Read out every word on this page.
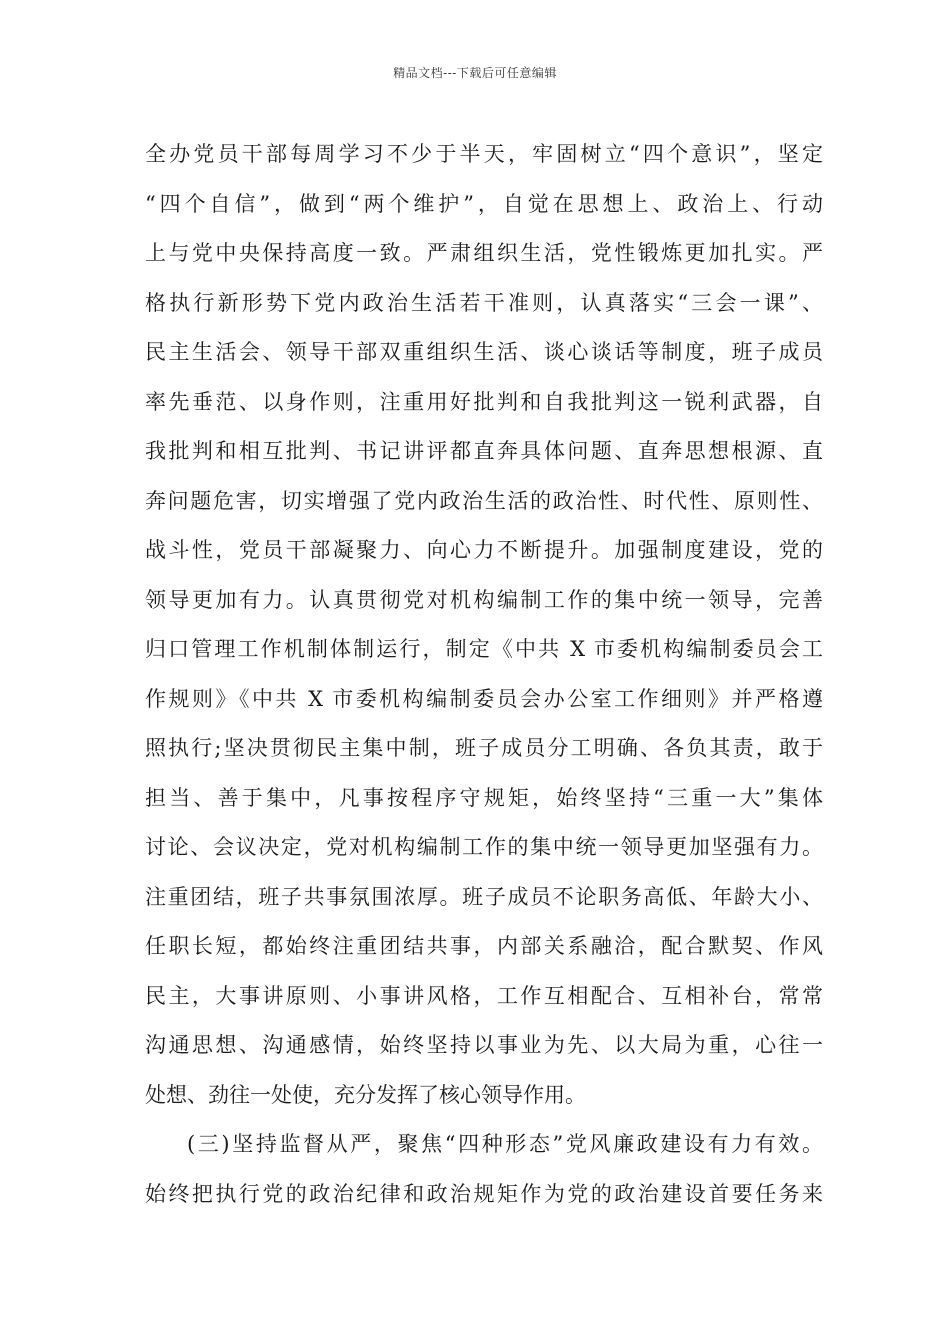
精品文档---下载后可任意编辑
全办党员干部每周学习不少于半天，牢固树立“四个意识”，坚定
“四个自信”，做到“两个维护”，自觉在思想上、政治上、行动
上与党中央保持高度一致。严肃组织生活，党性锻炼更加扎实。严
格执行新形势下党内政治生活若干准则，认真落实“三会一课”、
民主生活会、领导干部双重组织生活、谈心谈话等制度，班子成员
率先垂范、以身作则，注重用好批判和自我批判这一锐利武器，自
我批判和相互批判、书记讲评都直奔具体问题、直奔思想根源、直
奔问题危害，切实增强了党内政治生活的政治性、时代性、原则性、
战斗性，党员干部凝聚力、向心力不断提升。加强制度建设，党的
领导更加有力。认真贯彻党对机构编制工作的集中统一领导，完善
归口管理工作机制体制运行，制定《中共 X 市委机构编制委员会工
作规则》《中共 X 市委机构编制委员会办公室工作细则》并严格遵
照执行;坚决贯彻民主集中制，班子成员分工明确、各负其责，敢于
担当、善于集中，凡事按程序守规矩，始终坚持“三重一大”集体
讨论、会议决定，党对机构编制工作的集中统一领导更加坚强有力。
注重团结，班子共事氛围浓厚。班子成员不论职务高低、年龄大小、
任职长短，都始终注重团结共事，内部关系融洽，配合默契、作风
民主，大事讲原则、小事讲风格，工作互相配合、互相补台，常常
沟通思想、沟通感情，始终坚持以事业为先、以大局为重，心往一
处想、劲往一处使，充分发挥了核心领导作用。
(三)坚持监督从严，聚焦“四种形态”党风廉政建设有力有效。
始终把执行党的政治纪律和政治规矩作为党的政治建设首要任务来
